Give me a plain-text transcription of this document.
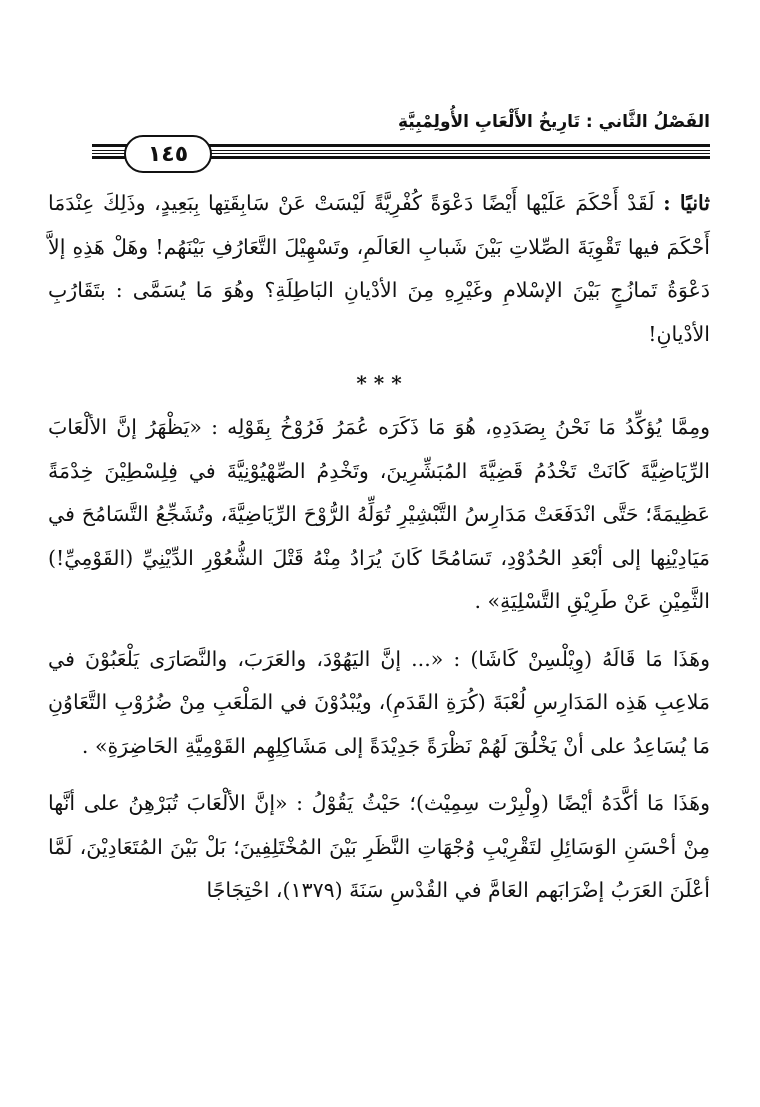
الفَصْلُ الثَّاني : تَارِيخُ الأَلْعَابِ الأُولِمْبِيَّةِ
١٤٥

ثانيًا : لَقَدْ أَحْكَمَ عَلَيْها أَيْضًا دَعْوَةً كُفْرِيَّةً لَيْسَتْ عَنْ سَابِقَتِها بِبَعِيدٍ، وذَلِكَ عِنْدَمَا أَحْكَمَ فيها تَقْوِيَةَ الصِّلاتِ بَيْنَ شَبابِ العَالَمِ، وتَسْهِيْلَ التَّعَارُفِ بَيْنَهُم! وهَلْ هَذِهِ إلاَّ دَعْوَةُ تَمازُجٍ بَيْنَ الإسْلامِ وغَيْرِهِ مِنَ الأدْيانِ البَاطِلَةِ؟ وهُوَ مَا يُسَمَّى : بتَقَارُبِ الأدْيانِ!

* * *

ومِمَّا يُؤكِّدُ مَا نَحْنُ بِصَدَدِهِ، هُوَ مَا ذَكَرَه عُمَرُ فَرُوْخُ بِقَوْلِه : «يَظْهَرُ إنَّ الألْعَابَ الرِّيَاضِيَّةَ كَانَتْ تَخْدُمُ قَضِيَّةَ المُبَشِّرِينَ، وتَخْدِمُ الصِّهْيُوْنِيَّةَ في فِلِسْطِيْنَ خِدْمَةً عَظِيمَةً؛ حَتَّى انْدَفَعَتْ مَدَارِسُ التَّبْشِيْرِ تُوَلِّهُ الرُّوْحَ الرِّيَاضِيَّةَ، وتُشَجِّعُ التَّسَامُحَ في مَيَادِيْنِها إلى أبْعَدِ الحُدُوْدِ، تَسَامُحًا كَانَ يُرَادُ مِنْهُ قَتْلَ الشُّعُوْرِ الدِّيْنِيِّ (القَوْمِيِّ!) الثَّمِيْنِ عَنْ طَرِيْقِ التَّسْلِيَةِ» .

وهَذَا مَا قَالَهُ (وِيْلْسِنْ كَاشَا) : «... إنَّ اليَهُوْدَ، والعَرَبَ، والنَّصَارَى يَلْعَبُوْنَ في مَلاعِبِ هَذِه المَدَارِسِ لُعْبَةَ (كُرَةِ القَدَمِ)، ويُبْدُوْنَ في المَلْعَبِ مِنْ ضُرُوْبِ التَّعَاوُنِ مَا يُسَاعِدُ على أنْ يَخْلُقَ لَهُمْ نَظْرَةً جَدِيْدَةً إلى مَشَاكِلِهِم القَوْمِيَّةِ الحَاضِرَةِ» .

وهَذَا مَا أكَّدَهُ أيْضًا (وِلْبِرْت سِمِيْث)؛ حَيْثُ يَقُوْلُ : «إنَّ الألْعَابَ تُبَرْهِنُ على أنَّها مِنْ أحْسَنِ الوَسَائِلِ لتَقْرِيْبِ وُجْهَاتِ النَّظَرِ بَيْنَ المُخْتَلِفِينَ؛ بَلْ بَيْنَ المُتَعَادِيْنَ، لَمَّا أعْلَنَ العَرَبُ إضْرَابَهم العَامَّ في القُدْسِ سَنَةَ (١٣٧٩)، احْتِجَاجًا
